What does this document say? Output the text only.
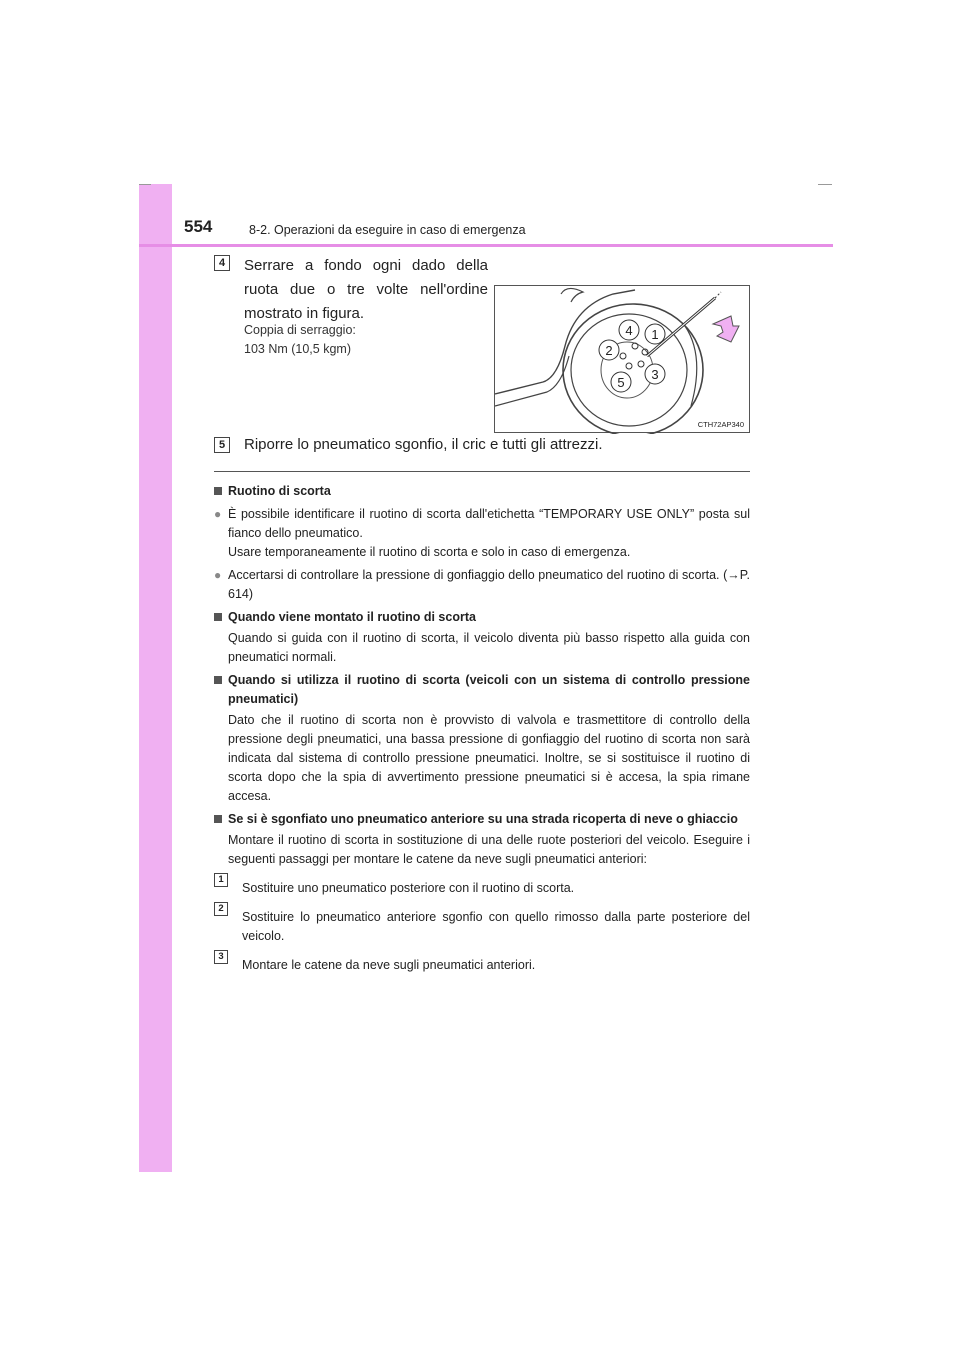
554	8-2. Operazioni da eseguire in caso di emergenza
4	Serrare a fondo ogni dado della ruota due o tre volte nell'ordine mostrato in figura.
Coppia di serraggio:
103 Nm (10,5 kgm)
1
2
3
4
5
CTH72AP340
5	Riporre lo pneumatico sgonfio, il cric e tutti gli attrezzi.
Ruotino di scorta
● È possibile identificare il ruotino di scorta dall'etichetta “TEMPORARY USE ONLY” posta sul fianco dello pneumatico.
Usare temporaneamente il ruotino di scorta e solo in caso di emergenza.
● Accertarsi di controllare la pressione di gonfiaggio dello pneumatico del ruotino di scorta. (→P. 614)
Quando viene montato il ruotino di scorta
Quando si guida con il ruotino di scorta, il veicolo diventa più basso rispetto alla guida con pneumatici normali.
Quando si utilizza il ruotino di scorta (veicoli con un sistema di controllo pressione pneumatici)
Dato che il ruotino di scorta non è provvisto di valvola e trasmettitore di controllo della pressione degli pneumatici, una bassa pressione di gonfiaggio del ruotino di scorta non sarà indicata dal sistema di controllo pressione pneumatici. Inoltre, se si sostituisce il ruotino di scorta dopo che la spia di avvertimento pressione pneumatici si è accesa, la spia rimane accesa.
Se si è sgonfiato uno pneumatico anteriore su una strada ricoperta di neve o ghiaccio
Montare il ruotino di scorta in sostituzione di una delle ruote posteriori del veicolo. Eseguire i seguenti passaggi per montare le catene da neve sugli pneumatici anteriori:
1
Sostituire uno pneumatico posteriore con il ruotino di scorta.
2
Sostituire lo pneumatico anteriore sgonfio con quello rimosso dalla parte posteriore del veicolo.
3
Montare le catene da neve sugli pneumatici anteriori.
